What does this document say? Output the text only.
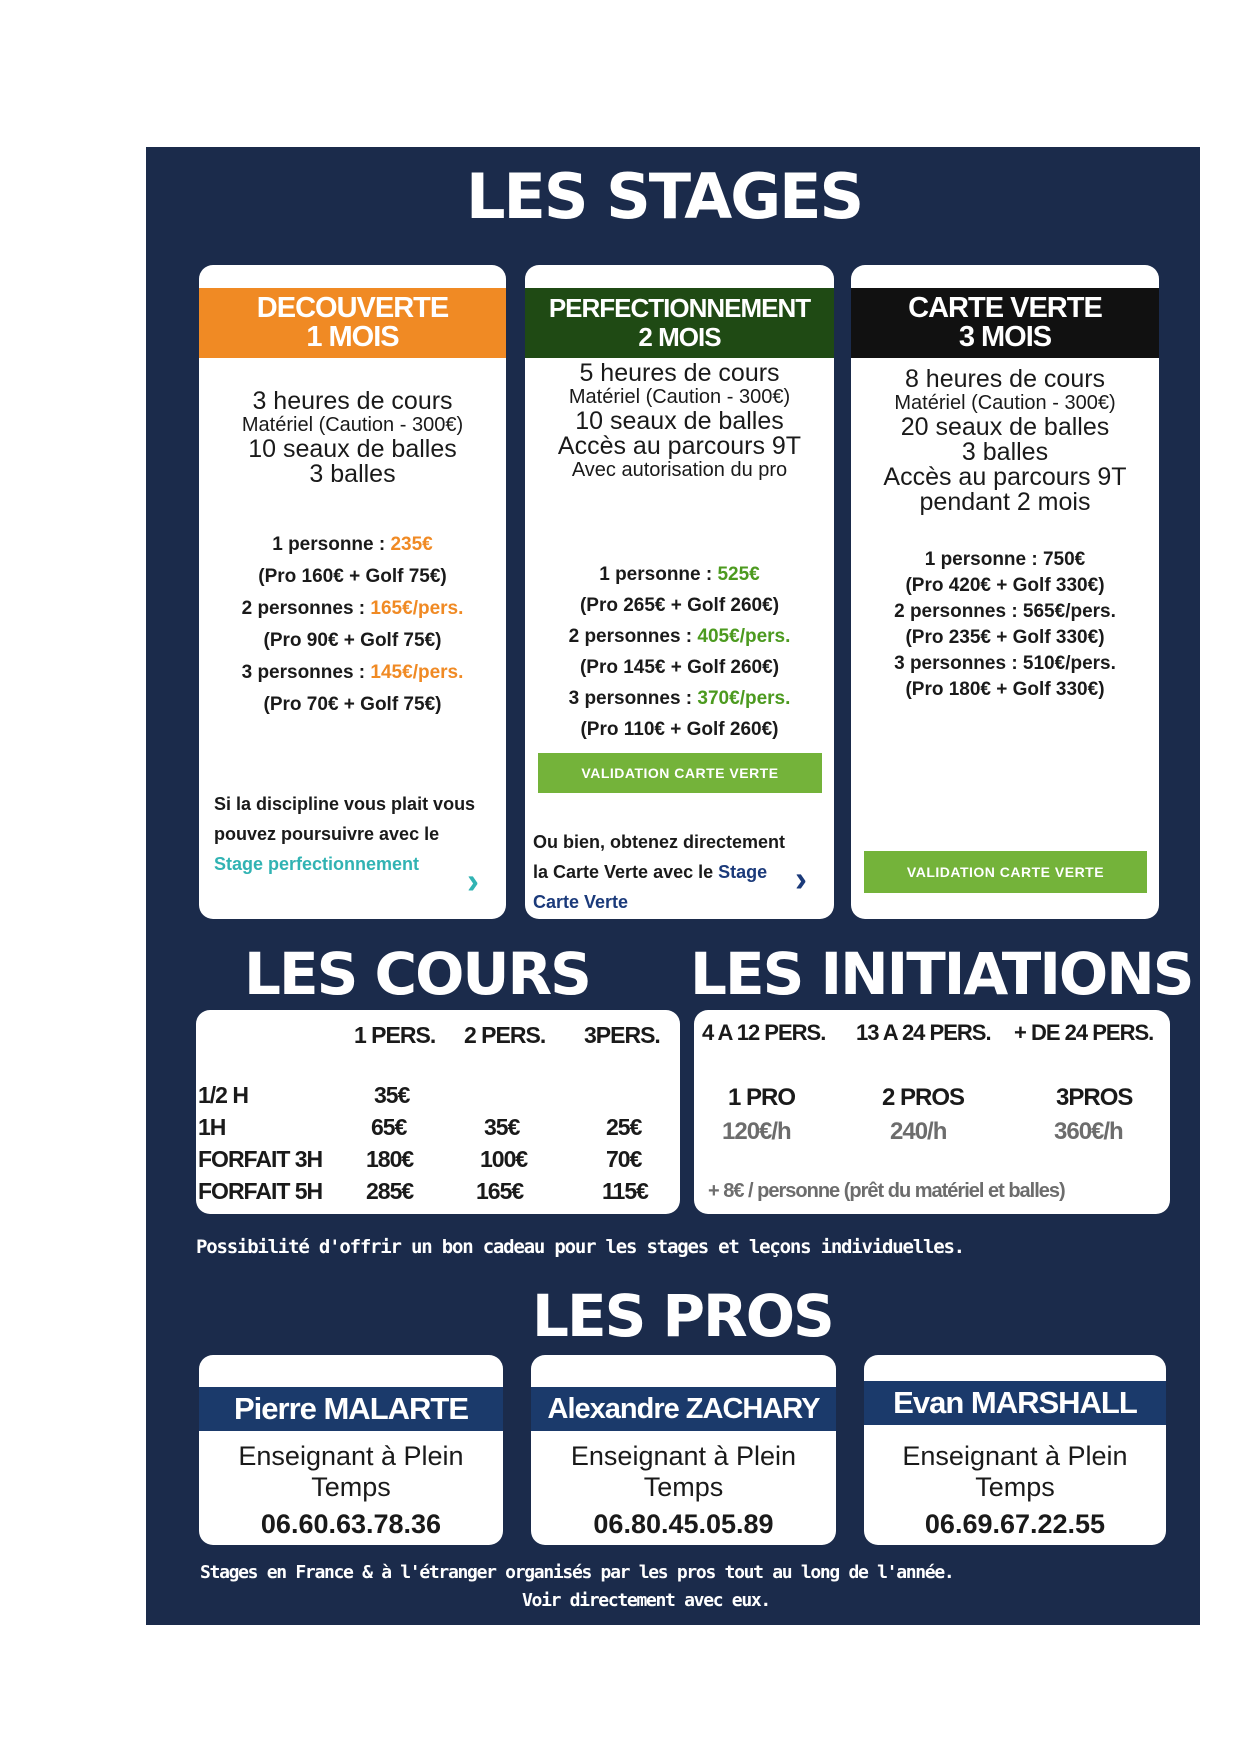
LES STAGES
DECOUVERTE
1 MOIS
3 heures de cours
Matériel (Caution - 300€)
10 seaux de balles
3 balles
1 personne : 235€
(Pro 160€ + Golf 75€)
2 personnes : 165€/pers.
(Pro 90€ + Golf 75€)
3 personnes : 145€/pers.
(Pro 70€ + Golf 75€)
Si la discipline vous plait vous
pouvez poursuivre avec le
Stage perfectionnement	›
PERFECTIONNEMENT
2 MOIS
5 heures de cours
Matériel (Caution - 300€)
10 seaux de balles
Accès au parcours 9T
Avec autorisation du pro
1 personne : 525€
(Pro 265€ + Golf 260€)
2 personnes : 405€/pers.
(Pro 145€ + Golf 260€)
3 personnes : 370€/pers.
(Pro 110€ + Golf 260€)
VALIDATION CARTE VERTE
Ou bien, obtenez directement
la Carte Verte avec le Stage
Carte Verte
›
CARTE VERTE
3 MOIS
8 heures de cours
Matériel (Caution - 300€)
20 seaux de balles
3 balles
Accès au parcours 9T
pendant 2 mois
1 personne : 750€
(Pro 420€ + Golf 330€)
2 personnes : 565€/pers.
(Pro 235€ + Golf 330€)
3 personnes : 510€/pers.
(Pro 180€ + Golf 330€)
VALIDATION CARTE VERTE
LES COURS
1 PERS. 2 PERS. 3PERS.
1/2 H	35€
1H	65€	35€	25€
FORFAIT 3H 180€	100€	70€
FORFAIT 5H 285€	165€	115€
LES INITIATIONS
4 A 12 PERS. 13 A 24 PERS. + DE 24 PERS.
1 PRO	2 PROS	3PROS
120€/h	240/h	360€/h
+ 8€ / personne (prêt du matériel et balles)
Possibilité d'offrir un bon cadeau pour les stages et leçons individuelles.
LES PROS
Pierre MALARTE
Enseignant à Plein
Temps
06.60.63.78.36
Alexandre ZACHARY
Enseignant à Plein
Temps
06.80.45.05.89
Evan MARSHALL
Enseignant à Plein
Temps
06.69.67.22.55
Stages en France & à l'étranger organisés par les pros tout au long de l'année.
Voir directement avec eux.
